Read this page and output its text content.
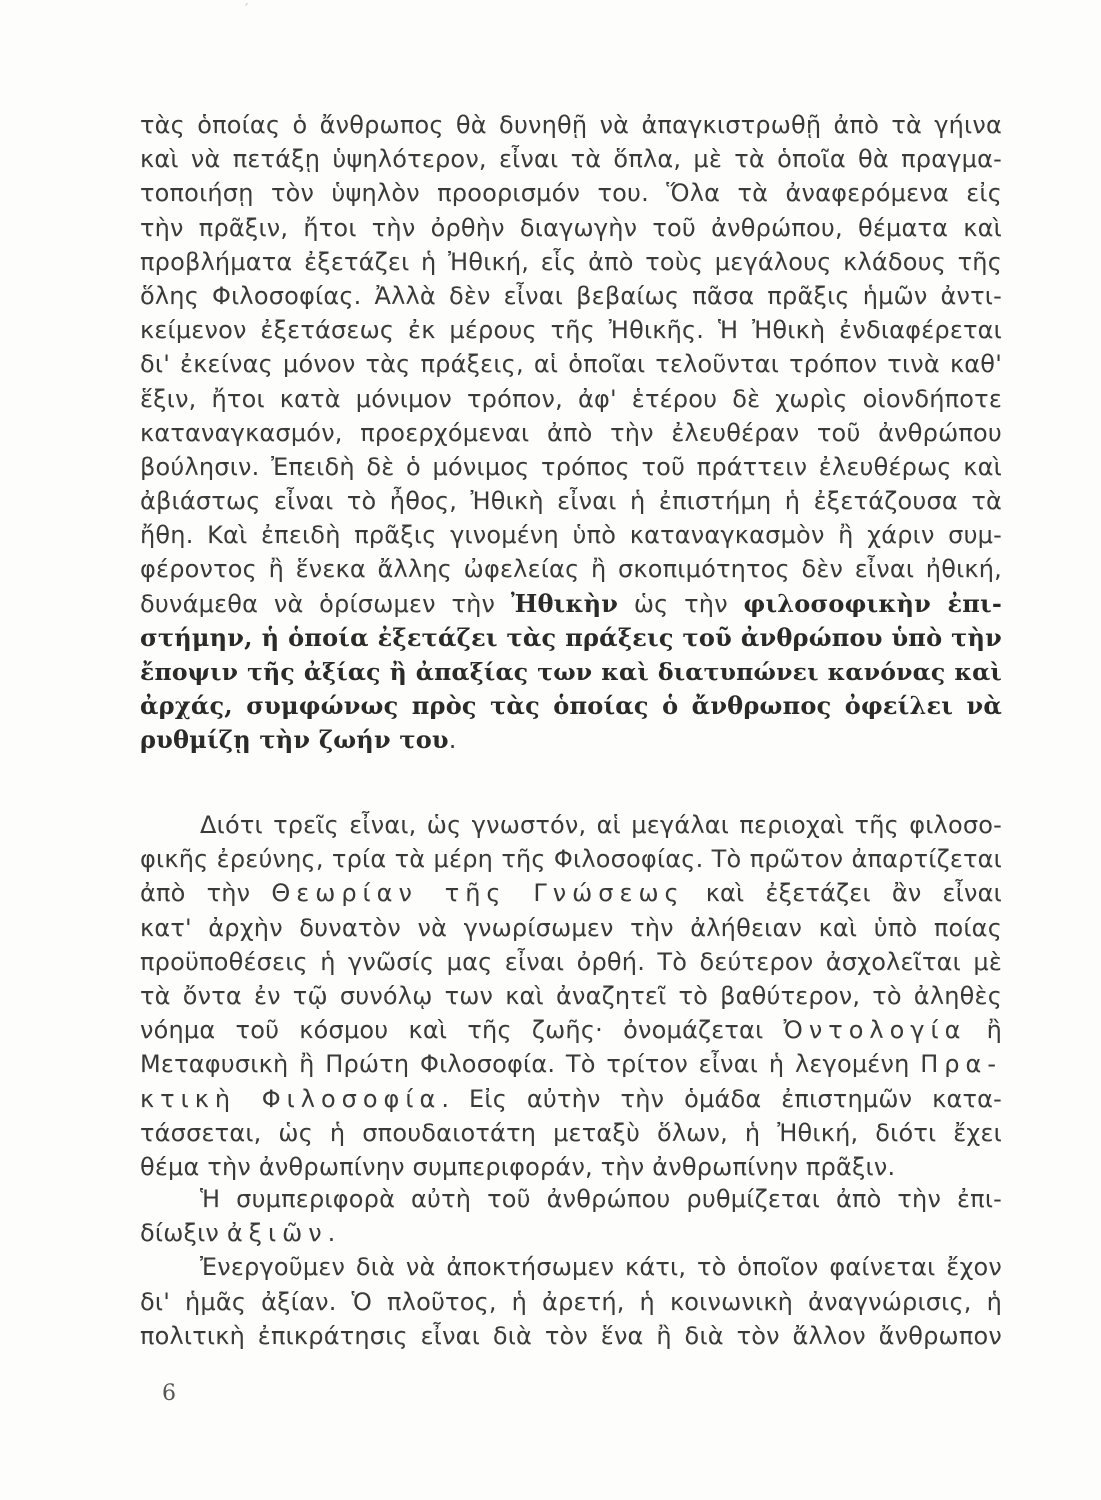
ˊ
τὰς ὁποίας ὁ ἄνθρωπος θὰ δυνηθῇ νὰ ἀπαγκιστρωθῇ ἀπὸ τὰ γήινα
καὶ νὰ πετάξῃ ὑψηλότερον, εἶναι τὰ ὅπλα, μὲ τὰ ὁποῖα θὰ πραγμα-
τοποιήσῃ τὸν ὑψηλὸν προορισμόν του. Ὅλα τὰ ἀναφερόμενα εἰς
τὴν πρᾶξιν, ἤτοι τὴν ὀρθὴν διαγωγὴν τοῦ ἀνθρώπου, θέματα καὶ
προβλήματα ἐξετάζει ἡ Ἠθική, εἷς ἀπὸ τοὺς μεγάλους κλάδους τῆς
ὅλης Φιλοσοφίας. Ἀλλὰ δὲν εἶναι βεβαίως πᾶσα πρᾶξις ἡμῶν ἀντι-
κείμενον ἐξετάσεως ἐκ μέρους τῆς Ἠθικῆς. Ἡ Ἠθικὴ ἐνδιαφέρεται
δι' ἐκείνας μόνον τὰς πράξεις, αἱ ὁποῖαι τελοῦνται τρόπον τινὰ καθ'
ἕξιν, ἤτοι κατὰ μόνιμον τρόπον, ἀφ' ἑτέρου δὲ χωρὶς οἱονδήποτε
καταναγκασμόν, προερχόμεναι ἀπὸ τὴν ἐλευθέραν τοῦ ἀνθρώπου
βούλησιν. Ἐπειδὴ δὲ ὁ μόνιμος τρόπος τοῦ πράττειν ἐλευθέρως καὶ
ἀβιάστως εἶναι τὸ ἦθος, Ἠθικὴ εἶναι ἡ ἐπιστήμη ἡ ἐξετάζουσα τὰ
ἤθη. Καὶ ἐπειδὴ πρᾶξις γινομένη ὑπὸ καταναγκασμὸν ἢ χάριν συμ-
φέροντος ἢ ἕνεκα ἄλλης ὠφελείας ἢ σκοπιμότητος δὲν εἶναι ἠθική,
δυνάμεθα νὰ ὁρίσωμεν τὴν Ἠθικὴν ὡς τὴν φιλοσοφικὴν ἐπι-
στήμην, ἡ ὁποία ἐξετάζει τὰς πράξεις τοῦ ἀνθρώπου ὑπὸ τὴν
ἔποψιν τῆς ἀξίας ἢ ἀπαξίας των καὶ διατυπώνει κανόνας καὶ
ἀρχάς, συμφώνως πρὸς τὰς ὁποίας ὁ ἄνθρωπος ὀφείλει νὰ
ρυθμίζῃ τὴν ζωήν του.
Διότι τρεῖς εἶναι, ὡς γνωστόν, αἱ μεγάλαι περιοχαὶ τῆς φιλοσο-
φικῆς ἐρεύνης, τρία τὰ μέρη τῆς Φιλοσοφίας. Τὸ πρῶτον ἀπαρτίζεται
ἀπὸ τὴν Θεωρίαν τῆς Γνώσεως καὶ ἐξετάζει ἂν εἶναι
κατ' ἀρχὴν δυνατὸν νὰ γνωρίσωμεν τὴν ἀλήθειαν καὶ ὑπὸ ποίας
προϋποθέσεις ἡ γνῶσίς μας εἶναι ὀρθή. Τὸ δεύτερον ἀσχολεῖται μὲ
τὰ ὄντα ἐν τῷ συνόλῳ των καὶ ἀναζητεῖ τὸ βαθύτερον, τὸ ἀληθὲς
νόημα τοῦ κόσμου καὶ τῆς ζωῆς· ὀνομάζεται Ὀντολογία ἢ
Μεταφυσικὴ ἢ Πρώτη Φιλοσοφία. Τὸ τρίτον εἶναι ἡ λεγομένη Πρα-
κτικὴ Φιλοσοφία. Εἰς αὐτὴν τὴν ὁμάδα ἐπιστημῶν κατα-
τάσσεται, ὡς ἡ σπουδαιοτάτη μεταξὺ ὅλων, ἡ Ἠθική, διότι ἔχει
θέμα τὴν ἀνθρωπίνην συμπεριφοράν, τὴν ἀνθρωπίνην πρᾶξιν.
Ἡ συμπεριφορὰ αὐτὴ τοῦ ἀνθρώπου ρυθμίζεται ἀπὸ τὴν ἐπι-
δίωξιν ἀξιῶν.
Ἐνεργοῦμεν διὰ νὰ ἀποκτήσωμεν κάτι, τὸ ὁποῖον φαίνεται ἔχον
δι' ἡμᾶς ἀξίαν. Ὁ πλοῦτος, ἡ ἀρετή, ἡ κοινωνικὴ ἀναγνώρισις, ἡ
πολιτικὴ ἐπικράτησις εἶναι διὰ τὸν ἕνα ἢ διὰ τὸν ἄλλον ἄνθρωπον
6
